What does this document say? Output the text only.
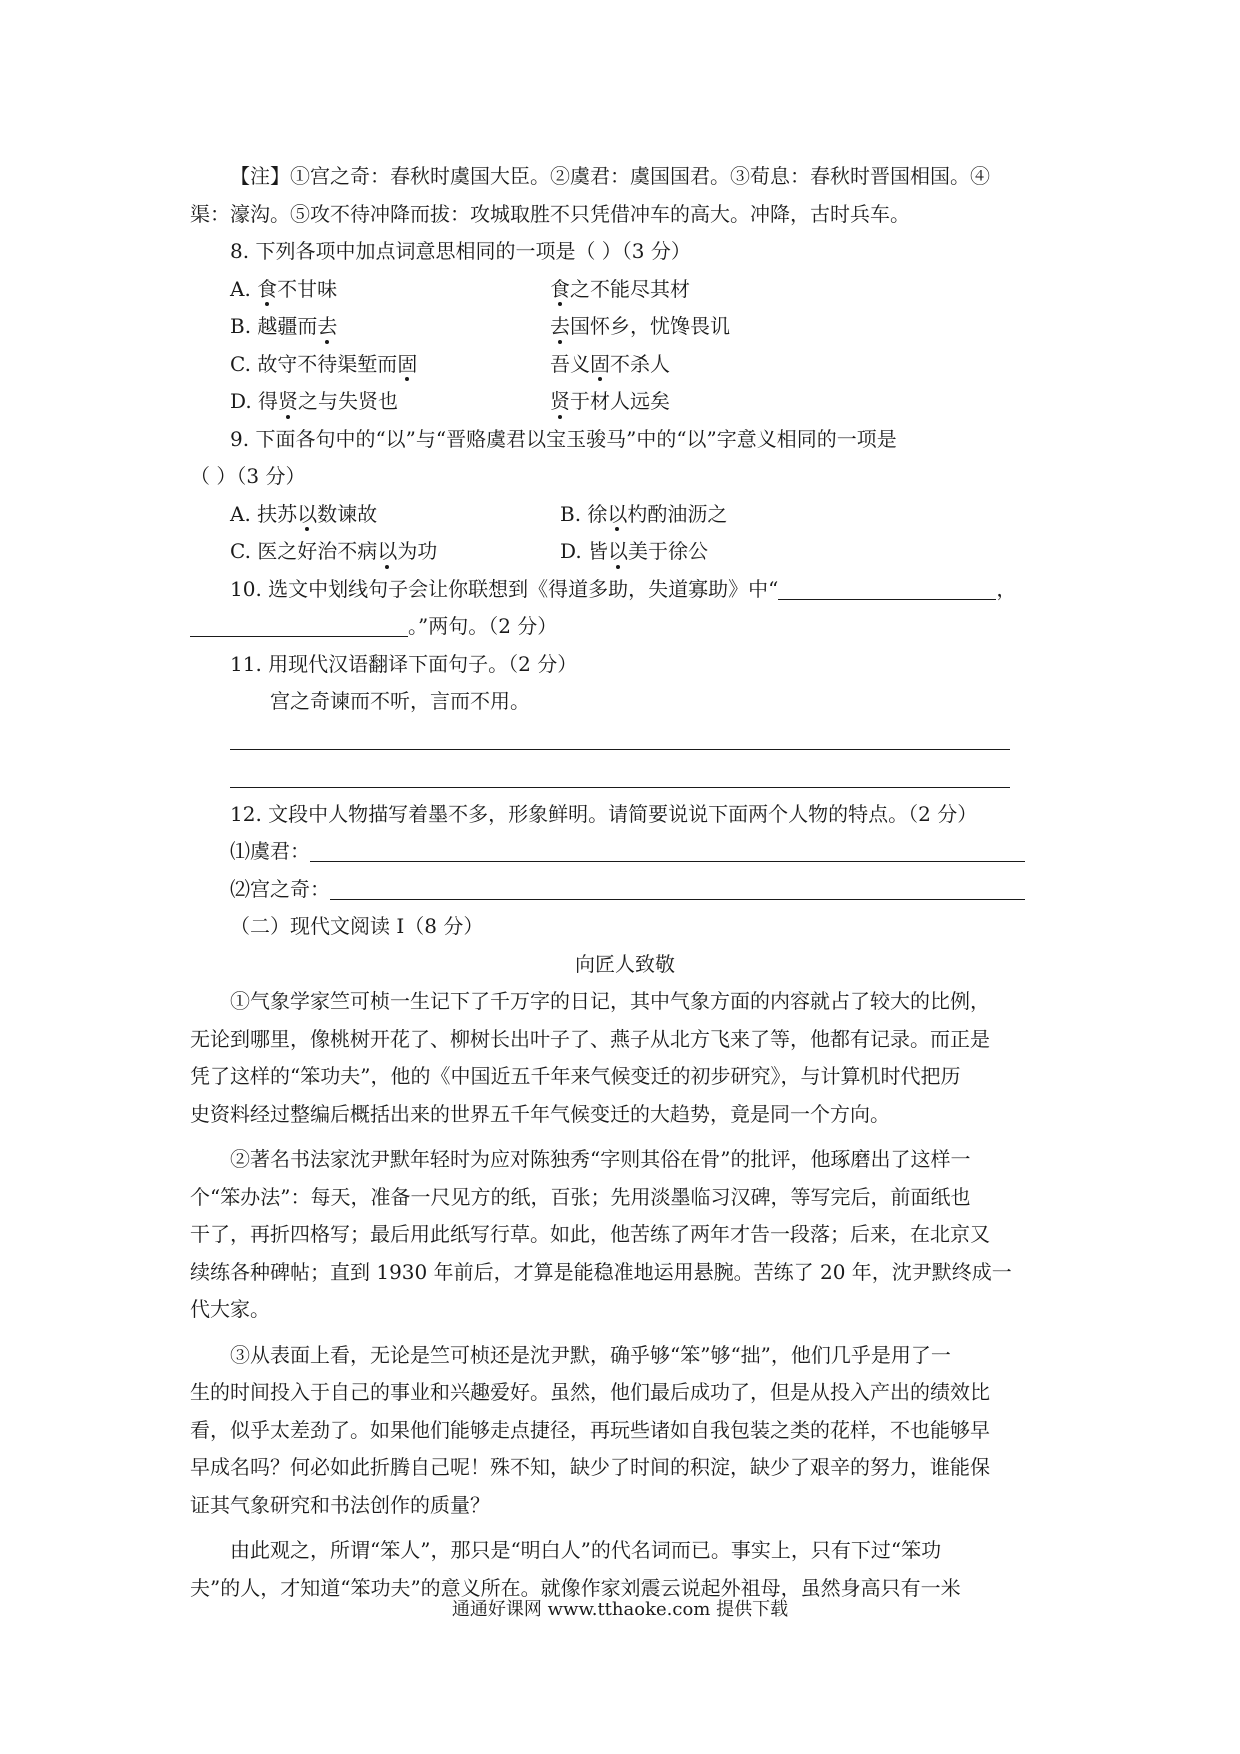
【注】①宫之奇：春秋时虞国大臣。②虞君：虞国国君。③荀息：春秋时晋国相国。④

渠：濠沟。⑤攻不待冲降而拔：攻城取胜不只凭借冲车的高大。冲降，古时兵车。

8. 下列各项中加点词意思相同的一项是（ ）（3 分）

A. 食不甘味	食之不能尽其材
B. 越疆而去	去国怀乡，忧馋畏讥
C. 故守不待渠堑而固	吾义固不杀人
D. 得贤之与失贤也	贤于材人远矣

9. 下面各句中的“以”与“晋赂虞君以宝玉骏马”中的“以”字意义相同的一项是

（ ）（3 分）

A. 扶苏以数谏故	B. 徐以杓酌油沥之
C. 医之好治不病以为功	D. 皆以美于徐公

10. 选文中划线句子会让你联想到《得道多助，失道寡助》中“	，

。”两句。（2 分）

11. 用现代汉语翻译下面句子。（2 分）

宫之奇谏而不听，言而不用。

12. 文段中人物描写着墨不多，形象鲜明。请简要说说下面两个人物的特点。（2 分）

⑴虞君：

⑵宫之奇：

（二）现代文阅读 I（8 分）

向匠人致敬

①气象学家竺可桢一生记下了千万字的日记，其中气象方面的内容就占了较大的比例，

无论到哪里，像桃树开花了、柳树长出叶子了、燕子从北方飞来了等，他都有记录。而正是

凭了这样的“笨功夫”，他的《中国近五千年来气候变迁的初步研究》，与计算机时代把历

史资料经过整编后概括出来的世界五千年气候变迁的大趋势，竟是同一个方向。

②著名书法家沈尹默年轻时为应对陈独秀“字则其俗在骨”的批评，他琢磨出了这样一

个“笨办法”：每天，准备一尺见方的纸，百张；先用淡墨临习汉碑，等写完后，前面纸也

干了，再折四格写；最后用此纸写行草。如此，他苦练了两年才告一段落；后来，在北京又

续练各种碑帖；直到 1930 年前后，才算是能稳准地运用悬腕。苦练了 20 年，沈尹默终成一

代大家。

③从表面上看，无论是竺可桢还是沈尹默，确乎够“笨”够“拙”，他们几乎是用了一

生的时间投入于自己的事业和兴趣爱好。虽然，他们最后成功了，但是从投入产出的绩效比

看，似乎太差劲了。如果他们能够走点捷径，再玩些诸如自我包装之类的花样，不也能够早

早成名吗？何必如此折腾自己呢！殊不知，缺少了时间的积淀，缺少了艰辛的努力，谁能保

证其气象研究和书法创作的质量？

由此观之，所谓“笨人”，那只是“明白人”的代名词而已。事实上，只有下过“笨功

夫”的人，才知道“笨功夫”的意义所在。就像作家刘震云说起外祖母，虽然身高只有一米

通通好课网 www.tthaoke.com 提供下载
